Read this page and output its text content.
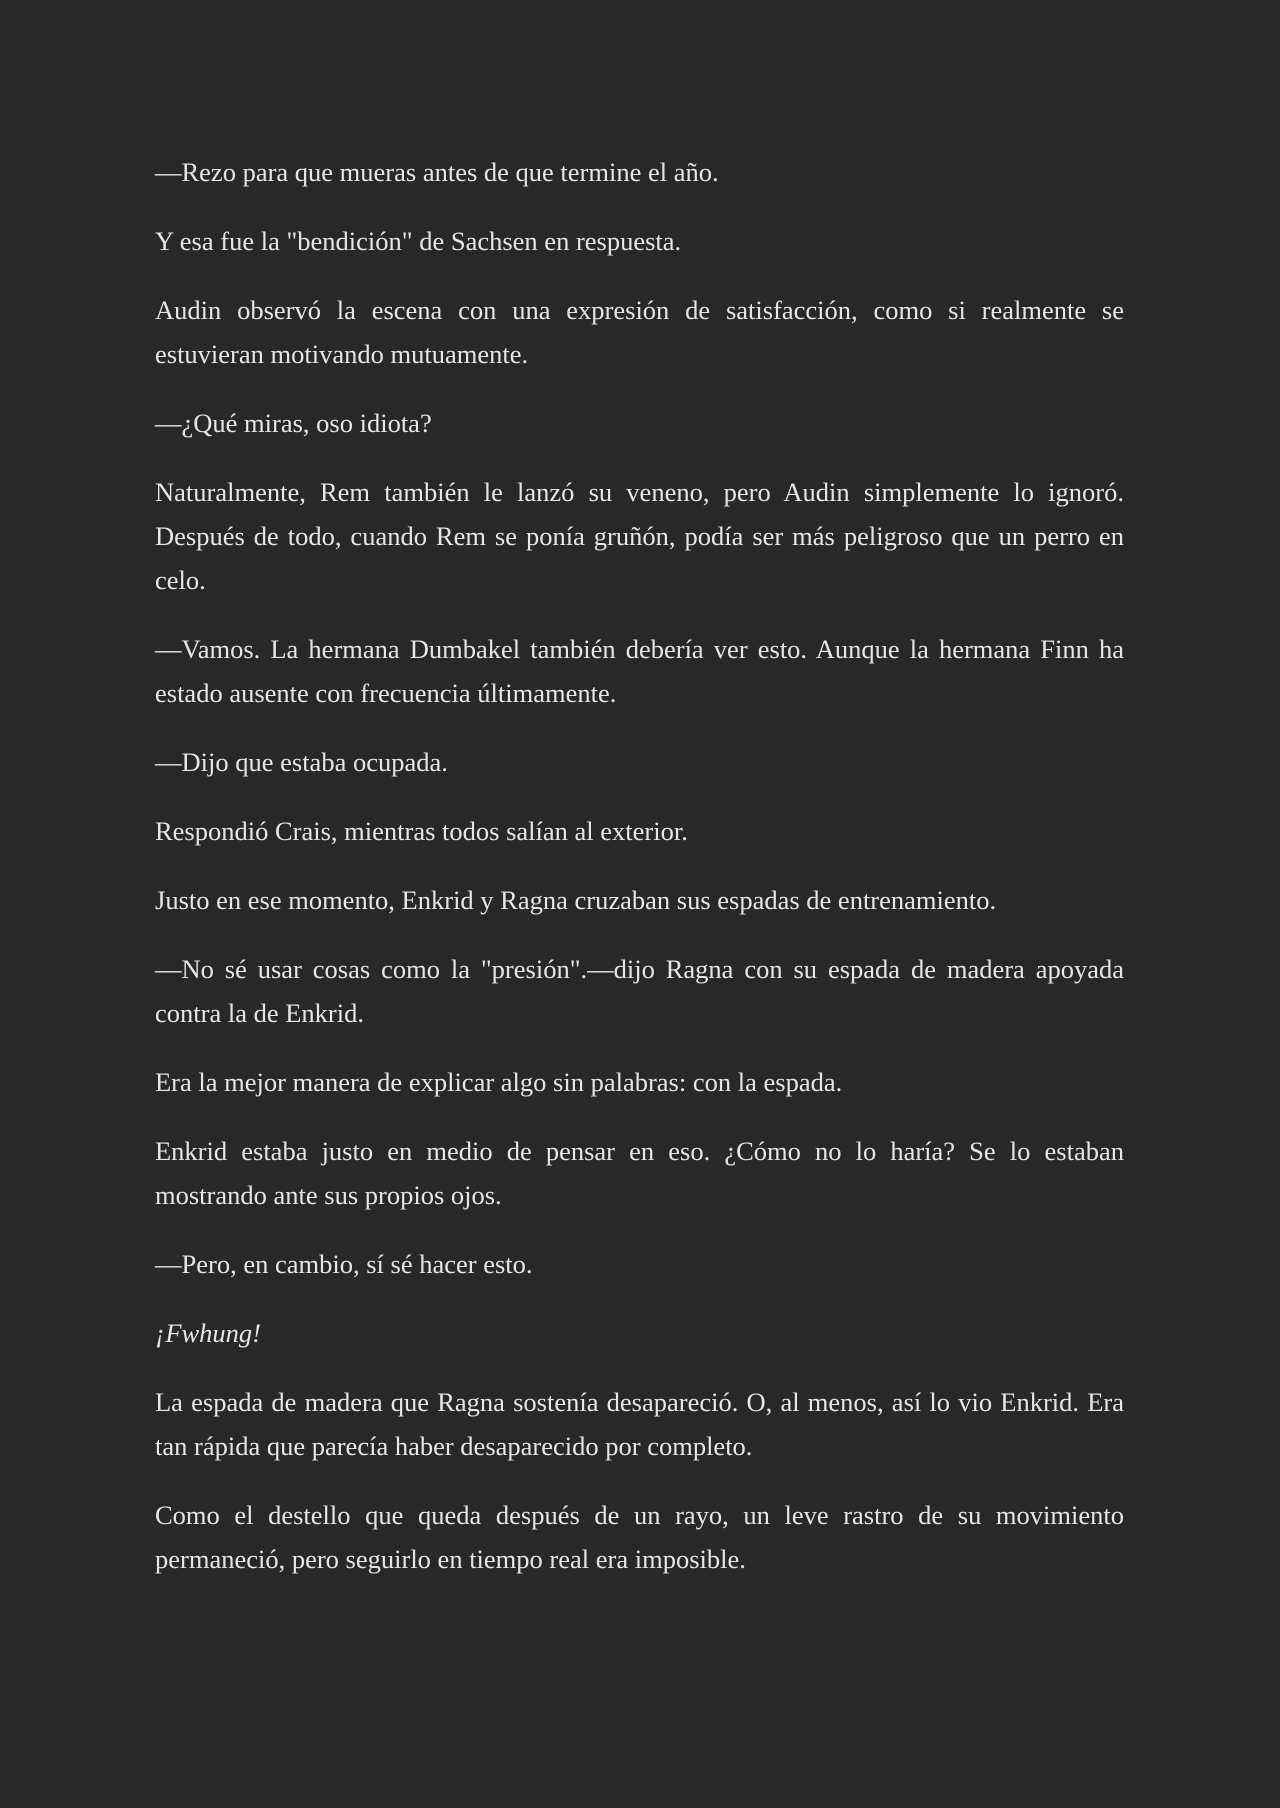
—Rezo para que mueras antes de que termine el año.

Y esa fue la "bendición" de Sachsen en respuesta.

Audin observó la escena con una expresión de satisfacción, como si realmente se estuvieran motivando mutuamente.

—¿Qué miras, oso idiota?

Naturalmente, Rem también le lanzó su veneno, pero Audin simplemente lo ignoró. Después de todo, cuando Rem se ponía gruñón, podía ser más peligroso que un perro en celo.

—Vamos. La hermana Dumbakel también debería ver esto. Aunque la hermana Finn ha estado ausente con frecuencia últimamente.

—Dijo que estaba ocupada.

Respondió Crais, mientras todos salían al exterior.

Justo en ese momento, Enkrid y Ragna cruzaban sus espadas de entrenamiento.

—No sé usar cosas como la "presión".—dijo Ragna con su espada de madera apoyada contra la de Enkrid.

Era la mejor manera de explicar algo sin palabras: con la espada.

Enkrid estaba justo en medio de pensar en eso. ¿Cómo no lo haría? Se lo estaban mostrando ante sus propios ojos.

—Pero, en cambio, sí sé hacer esto.

¡Fwhung!

La espada de madera que Ragna sostenía desapareció. O, al menos, así lo vio Enkrid. Era tan rápida que parecía haber desaparecido por completo.

Como el destello que queda después de un rayo, un leve rastro de su movimiento permaneció, pero seguirlo en tiempo real era imposible.
